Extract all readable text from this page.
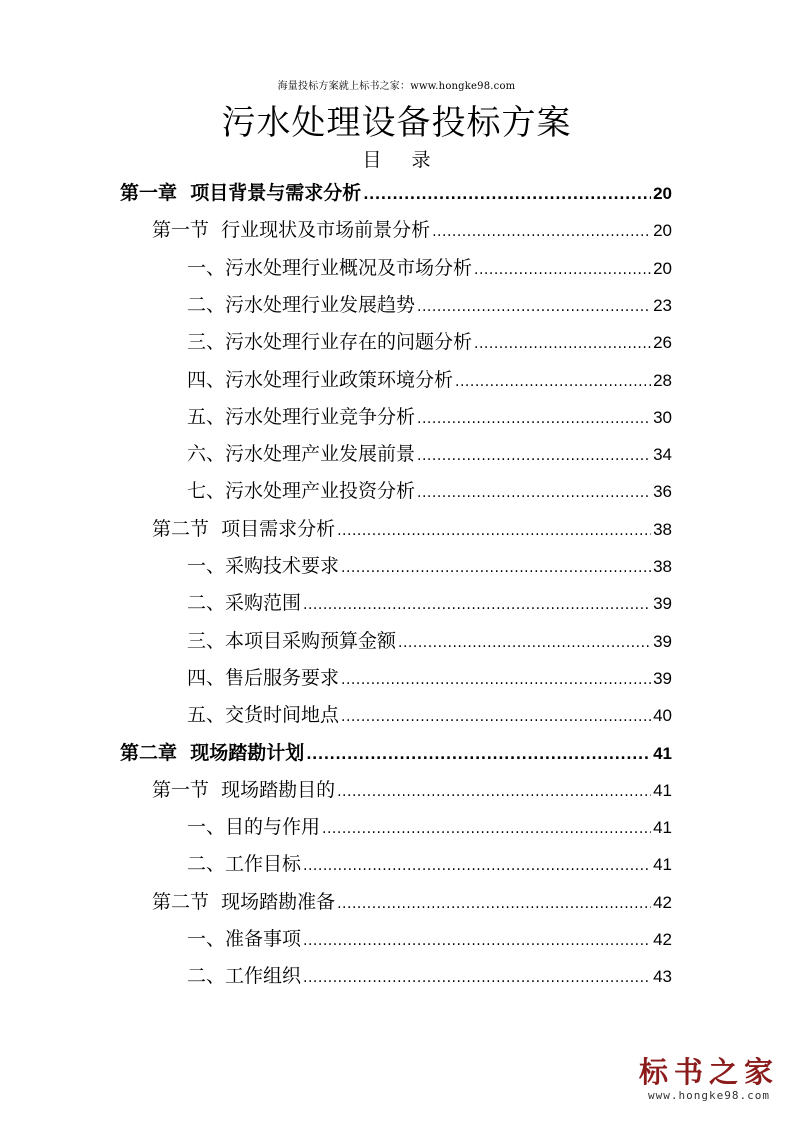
海量投标方案就上标书之家：www.hongke98.com
污水处理设备投标方案
目 录
第一章  项目背景与需求分析 .....	20
第一节  行业现状及市场前景分析 .....	20
一、污水处理行业概况及市场分析 .....	20
二、污水处理行业发展趋势 .....	23
三、污水处理行业存在的问题分析 .....	26
四、污水处理行业政策环境分析 .....	28
五、污水处理行业竞争分析 .....	30
六、污水处理产业发展前景 .....	34
七、污水处理产业投资分析 .....	36
第二节  项目需求分析 .....	38
一、采购技术要求 .....	38
二、采购范围 .....	39
三、本项目采购预算金额 .....	39
四、售后服务要求 .....	39
五、交货时间地点 .....	40
第二章  现场踏勘计划 .....	41
第一节  现场踏勘目的 .....	41
一、目的与作用 .....	41
二、工作目标 .....	41
第二节  现场踏勘准备 .....	42
一、准备事项 .....	42
二、工作组织 .....	43
标书之家
www.hongke98.com
